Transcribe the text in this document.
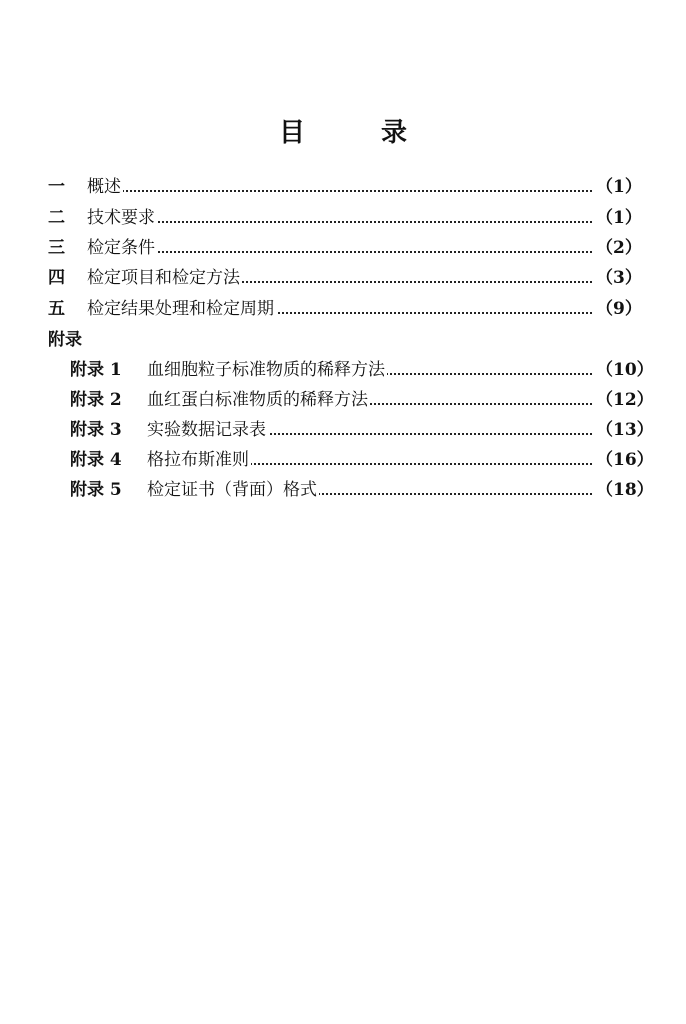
目	录
一	概述	（1）
二	技术要求	（1）
三	检定条件	（2）
四	检定项目和检定方法	（3）
五	检定结果处理和检定周期	（9）
附录
附录 1	血细胞粒子标准物质的稀释方法	（10）
附录 2	血红蛋白标准物质的稀释方法	（12）
附录 3	实验数据记录表	（13）
附录 4	格拉布斯准则	（16）
附录 5	检定证书（背面）格式	（18）
